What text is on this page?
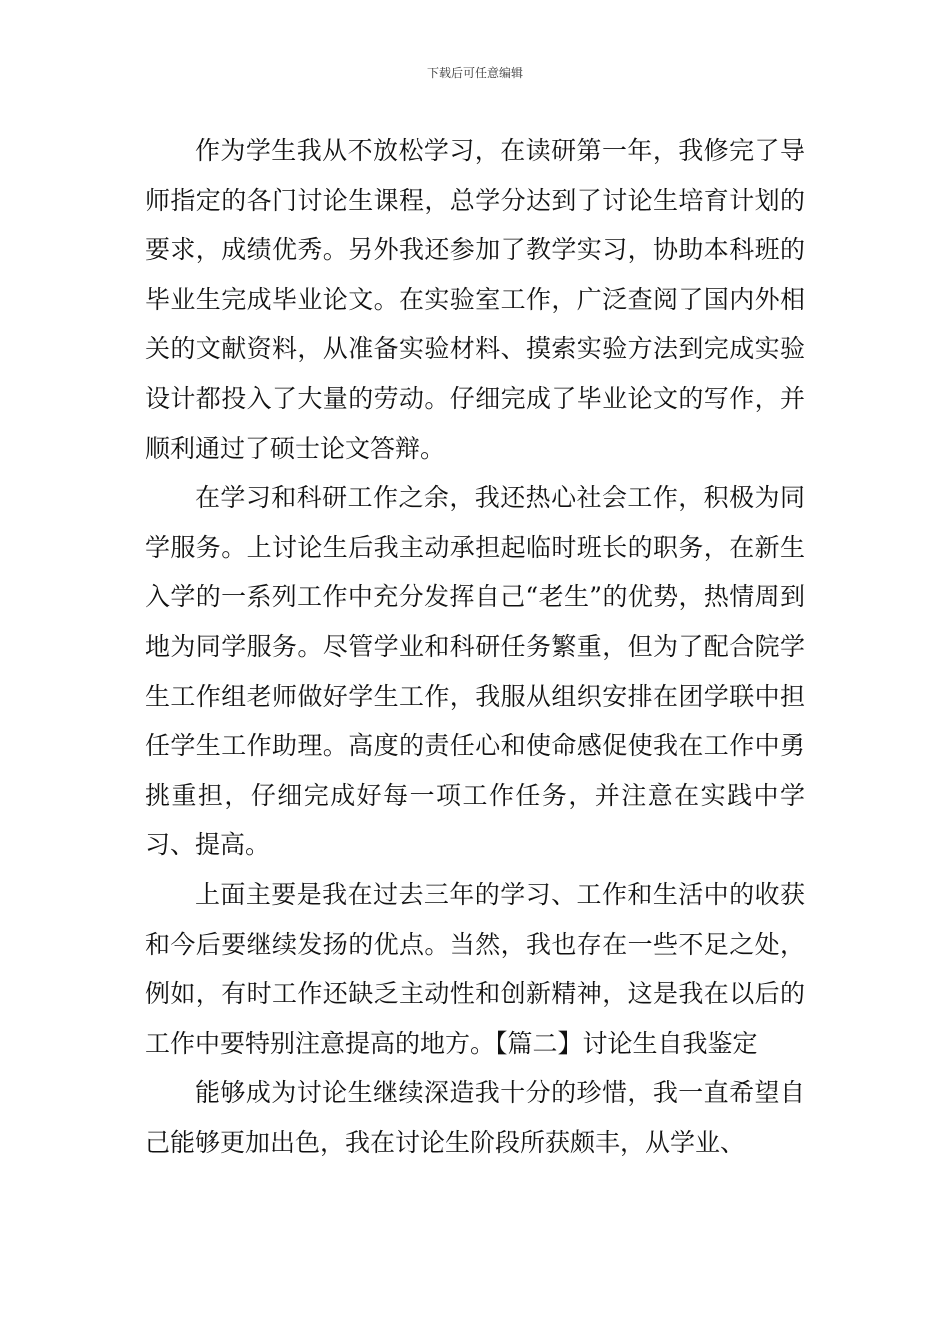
下载后可任意编辑

作为学生我从不放松学习，在读研第一年，我修完了导师指定的各门讨论生课程，总学分达到了讨论生培育计划的要求，成绩优秀。另外我还参加了教学实习，协助本科班的毕业生完成毕业论文。在实验室工作，广泛查阅了国内外相关的文献资料，从准备实验材料、摸索实验方法到完成实验设计都投入了大量的劳动。仔细完成了毕业论文的写作，并顺利通过了硕士论文答辩。

在学习和科研工作之余，我还热心社会工作，积极为同学服务。上讨论生后我主动承担起临时班长的职务，在新生入学的一系列工作中充分发挥自己“老生”的优势，热情周到地为同学服务。尽管学业和科研任务繁重，但为了配合院学生工作组老师做好学生工作，我服从组织安排在团学联中担任学生工作助理。高度的责任心和使命感促使我在工作中勇挑重担，仔细完成好每一项工作任务，并注意在实践中学习、提高。

上面主要是我在过去三年的学习、工作和生活中的收获和今后要继续发扬的优点。当然，我也存在一些不足之处，例如，有时工作还缺乏主动性和创新精神，这是我在以后的工作中要特别注意提高的地方。【篇二】讨论生自我鉴定

能够成为讨论生继续深造我十分的珍惜，我一直希望自己能够更加出色，我在讨论生阶段所获颇丰，从学业、
